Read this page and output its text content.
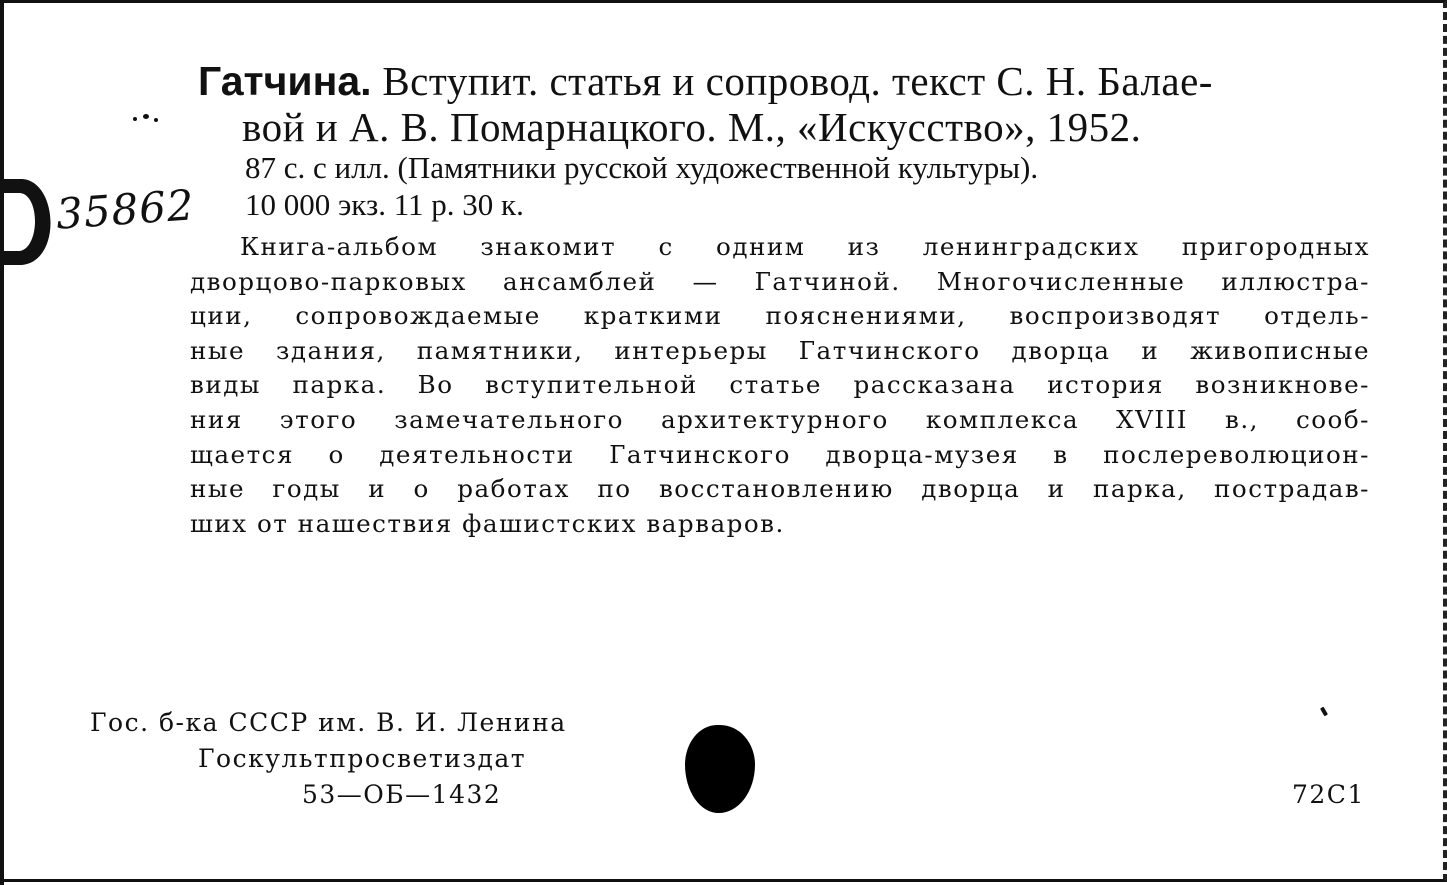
35862
Гатчина. Вступит. статья и сопровод. текст С. Н. Балае-
вой и А. В. Помарнацкого. М., «Искусство», 1952.
87 с. с илл. (Памятники русской художественной культуры).
10 000 экз. 11 р. 30 к.
Книга-альбом знакомит с одним из ленинградских пригородных
дворцово-парковых ансамблей — Гатчиной. Многочисленные иллюстра-
ции, сопровождаемые краткими пояснениями, воспроизводят отдель-
ные здания, памятники, интерьеры Гатчинского дворца и живописные
виды парка. Во вступительной статье рассказана история возникнове-
ния этого замечательного архитектурного комплекса XVIII в., сооб-
щается о деятельности Гатчинского дворца-музея в послереволюцион-
ные годы и о работах по восстановлению дворца и парка, пострадав-
ших от нашествия фашистских варваров.
Гос. б-ка СССР им. В. И. Ленина
Госкультпросветиздат
53—ОБ—1432	72С1
